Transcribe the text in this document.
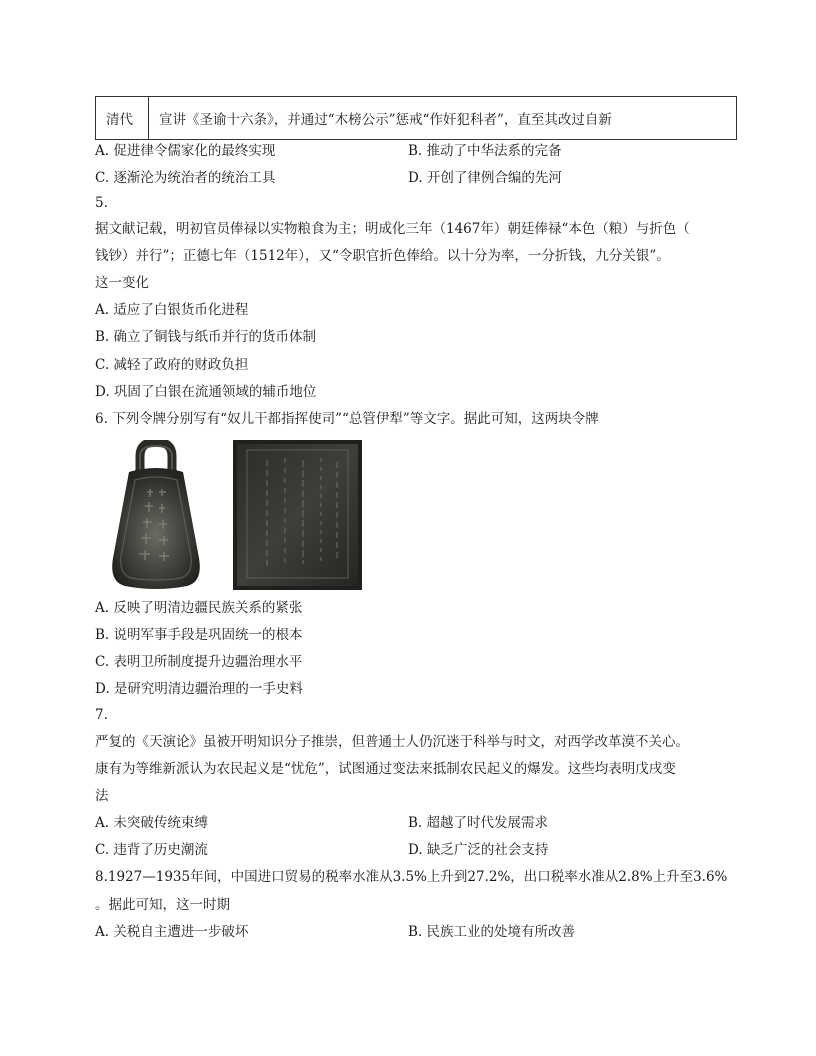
清代	宣讲《圣谕十六条》，并通过“木榜公示”惩戒“作奸犯科者”，直至其改过自新
A. 促进律令儒家化的最终实现	B. 推动了中华法系的完备
C. 逐渐沦为统治者的统治工具	D. 开创了律例合编的先河
5.
据文献记载，明初官员俸禄以实物粮食为主；明成化三年（1467年）朝廷俸禄“本色（粮）与折色（
钱钞）并行”；正德七年（1512年），又“令职官折色俸给。以十分为率，一分折钱，九分关银”。
这一变化
A. 适应了白银货币化进程
B. 确立了铜钱与纸币并行的货币体制
C. 减轻了政府的财政负担
D. 巩固了白银在流通领域的辅币地位
6. 下列令牌分别写有“奴儿干都指挥使司”“总管伊犁”等文字。据此可知，这两块令牌
A. 反映了明清边疆民族关系的紧张
B. 说明军事手段是巩固统一的根本
C. 表明卫所制度提升边疆治理水平
D. 是研究明清边疆治理的一手史料
7.
严复的《天演论》虽被开明知识分子推崇，但普通士人仍沉迷于科举与时文，对西学改革漠不关心。
康有为等维新派认为农民起义是“忧危”，试图通过变法来抵制农民起义的爆发。这些均表明戊戌变
法
A. 未突破传统束缚	B. 超越了时代发展需求
C. 违背了历史潮流	D. 缺乏广泛的社会支持
8.1927—1935年间，中国进口贸易的税率水准从3.5%上升到27.2%，出口税率水准从2.8%上升至3.6%
。据此可知，这一时期
A. 关税自主遭进一步破坏	B. 民族工业的处境有所改善
